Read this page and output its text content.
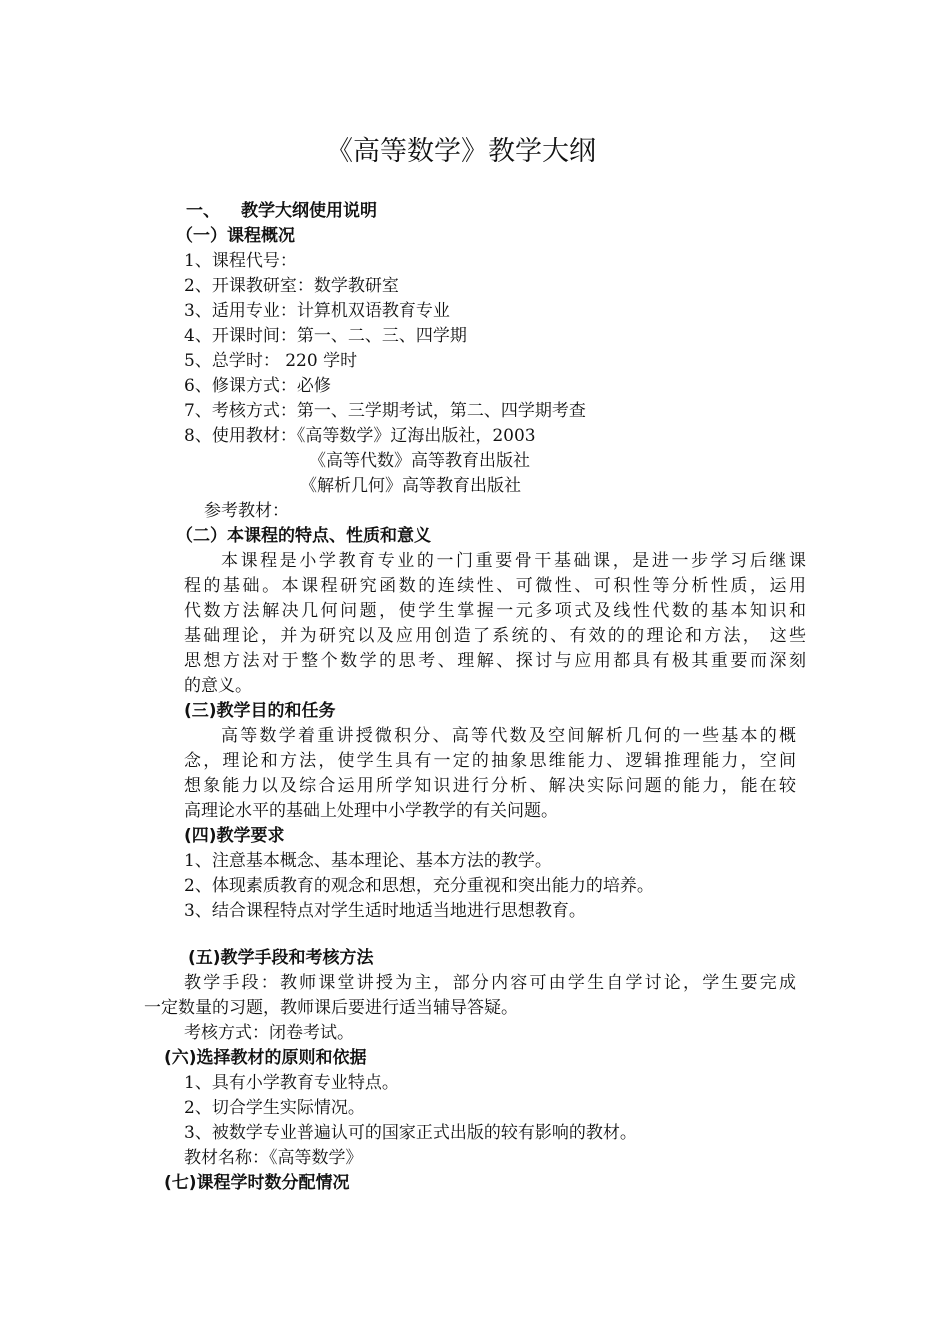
《高等数学》教学大纲
一、 教学大纲使用说明
（一）课程概况
1、课程代号：
2、开课教研室：数学教研室
3、适用专业：计算机双语教育专业
4、开课时间：第一、二、三、四学期
5、总学时： 220 学时
6、修课方式：必修
7、考核方式：第一、三学期考试，第二、四学期考查
8、使用教材：《高等数学》辽海出版社，2003
《高等代数》高等教育出版社
《解析几何》高等教育出版社
参考教材：
（二）本课程的特点、性质和意义
本课程是小学教育专业的一门重要骨干基础课，是进一步学习后继课
程的基础。本课程研究函数的连续性、可微性、可积性等分析性质，运用
代数方法解决几何问题，使学生掌握一元多项式及线性代数的基本知识和
基础理论，并为研究以及应用创造了系统的、有效的的理论和方法， 这些
思想方法对于整个数学的思考、理解、探讨与应用都具有极其重要而深刻
的意义。
(三)教学目的和任务
高等数学着重讲授微积分、高等代数及空间解析几何的一些基本的概
念，理论和方法，使学生具有一定的抽象思维能力、逻辑推理能力，空间
想象能力以及综合运用所学知识进行分析、解决实际问题的能力，能在较
高理论水平的基础上处理中小学教学的有关问题。
(四)教学要求
1、注意基本概念、基本理论、基本方法的教学。
2、体现素质教育的观念和思想，充分重视和突出能力的培养。
3、结合课程特点对学生适时地适当地进行思想教育。
(五)教学手段和考核方法
教学手段：教师课堂讲授为主，部分内容可由学生自学讨论，学生要完成
一定数量的习题，教师课后要进行适当辅导答疑。
考核方式：闭卷考试。
(六)选择教材的原则和依据
1、具有小学教育专业特点。
2、切合学生实际情况。
3、被数学专业普遍认可的国家正式出版的较有影响的教材。
教材名称：《高等数学》
(七)课程学时数分配情况
